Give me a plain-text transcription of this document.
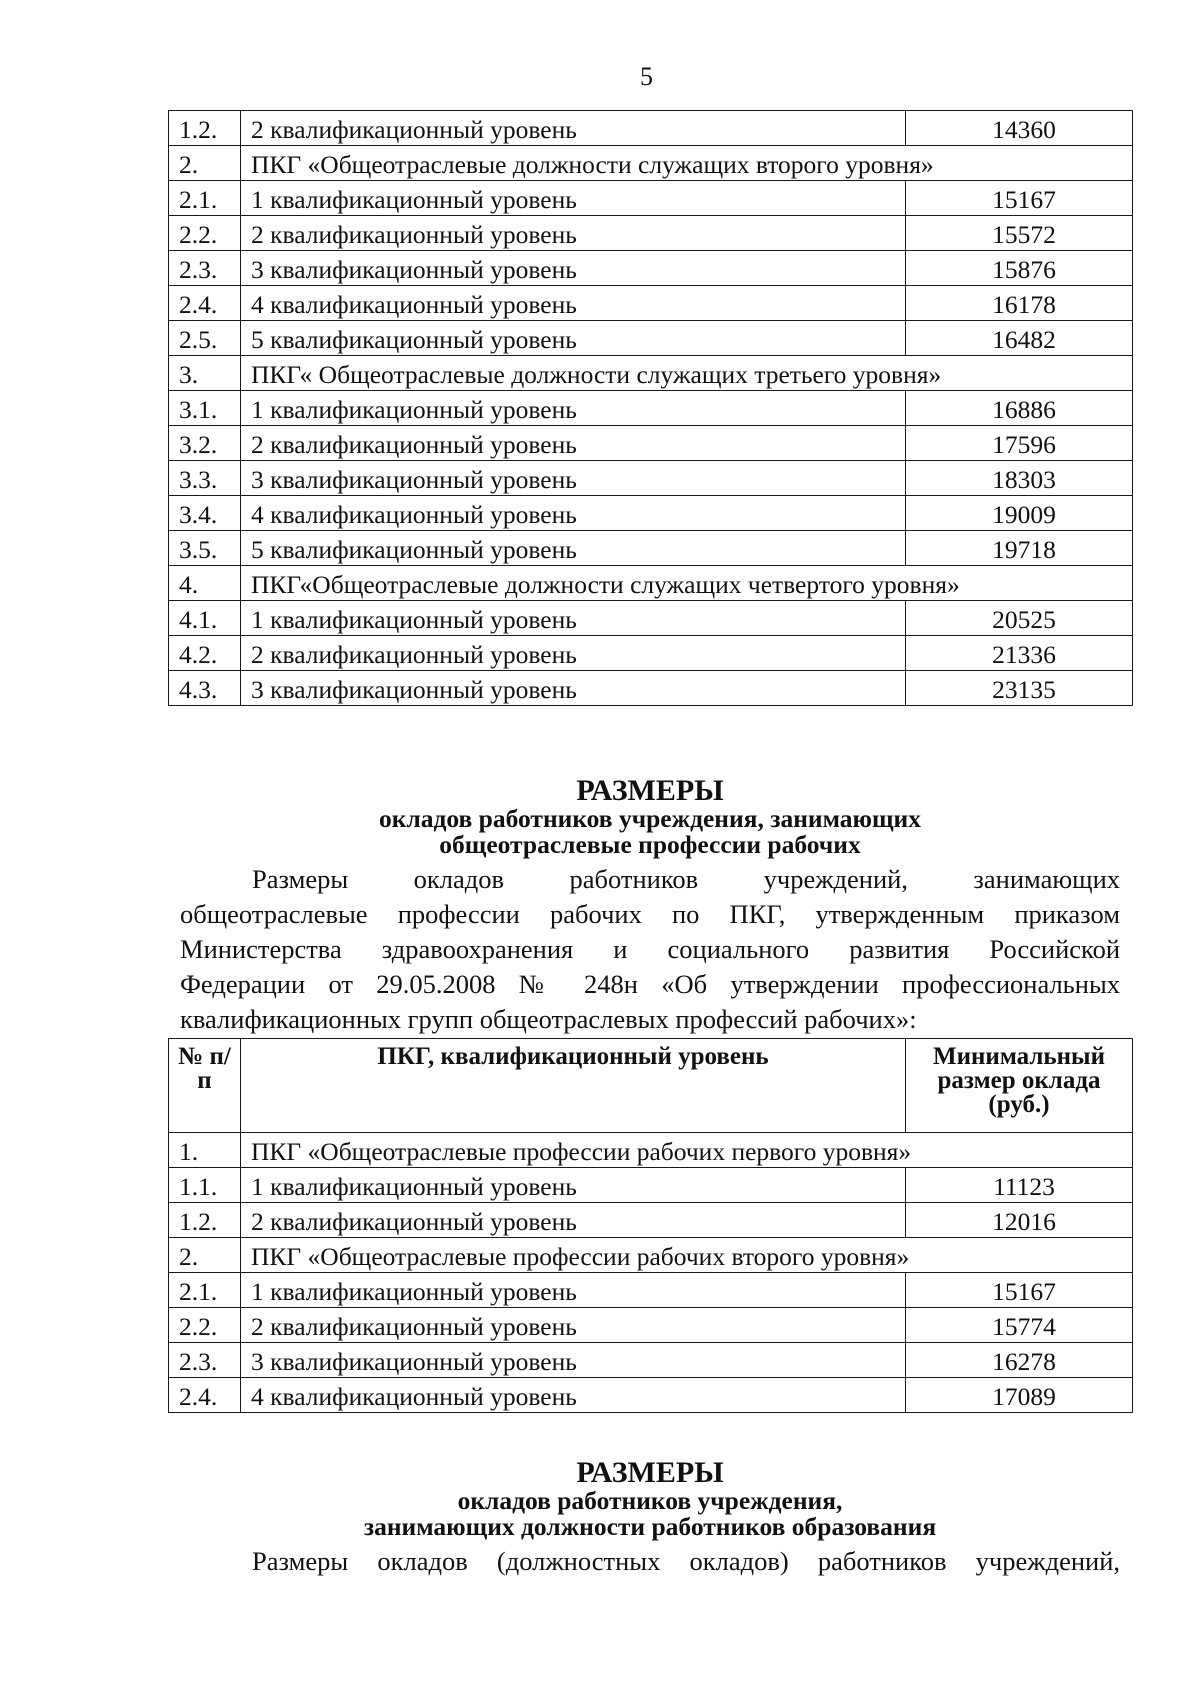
5
1.2.	2 квалификационный уровень	14360
2.	ПКГ «Общеотраслевые должности служащих второго уровня»	
2.1.	1 квалификационный уровень	15167
2.2.	2 квалификационный уровень	15572
2.3.	3 квалификационный уровень	15876
2.4.	4 квалификационный уровень	16178
2.5.	5 квалификационный уровень	16482
3.	ПКГ« Общеотраслевые должности служащих третьего уровня»	
3.1.	1 квалификационный уровень	16886
3.2.	2 квалификационный уровень	17596
3.3.	3 квалификационный уровень	18303
3.4.	4 квалификационный уровень	19009
3.5.	5 квалификационный уровень	19718
4.	ПКГ«Общеотраслевые должности служащих четвертого уровня»	
4.1.	1 квалификационный уровень	20525
4.2.	2 квалификационный уровень	21336
4.3.	3 квалификационный уровень	23135
РАЗМЕРЫ
окладов работников учреждения, занимающих
общеотраслевые профессии рабочих

Размеры окладов работников учреждений, занимающих

общеотраслевые профессии рабочих по ПКГ, утвержденным приказом

Министерства здравоохранения и социального развития Российской

Федерации от 29.05.2008 № 248н «Об утверждении профессиональных

квалификационных групп общеотраслевых профессий рабочих»:

№ п/п	ПКГ, квалификационный уровень	Минимальный размер оклада (руб.)
1.	ПКГ «Общеотраслевые профессии рабочих первого уровня»	
1.1.	1 квалификационный уровень	11123
1.2.	2 квалификационный уровень	12016
2.	ПКГ «Общеотраслевые профессии рабочих второго уровня»	
2.1.	1 квалификационный уровень	15167
2.2.	2 квалификационный уровень	15774
2.3.	3 квалификационный уровень	16278
2.4.	4 квалификационный уровень	17089
РАЗМЕРЫ
окладов работников учреждения,
занимающих должности работников образования

Размеры окладов (должностных окладов) работников учреждений,
